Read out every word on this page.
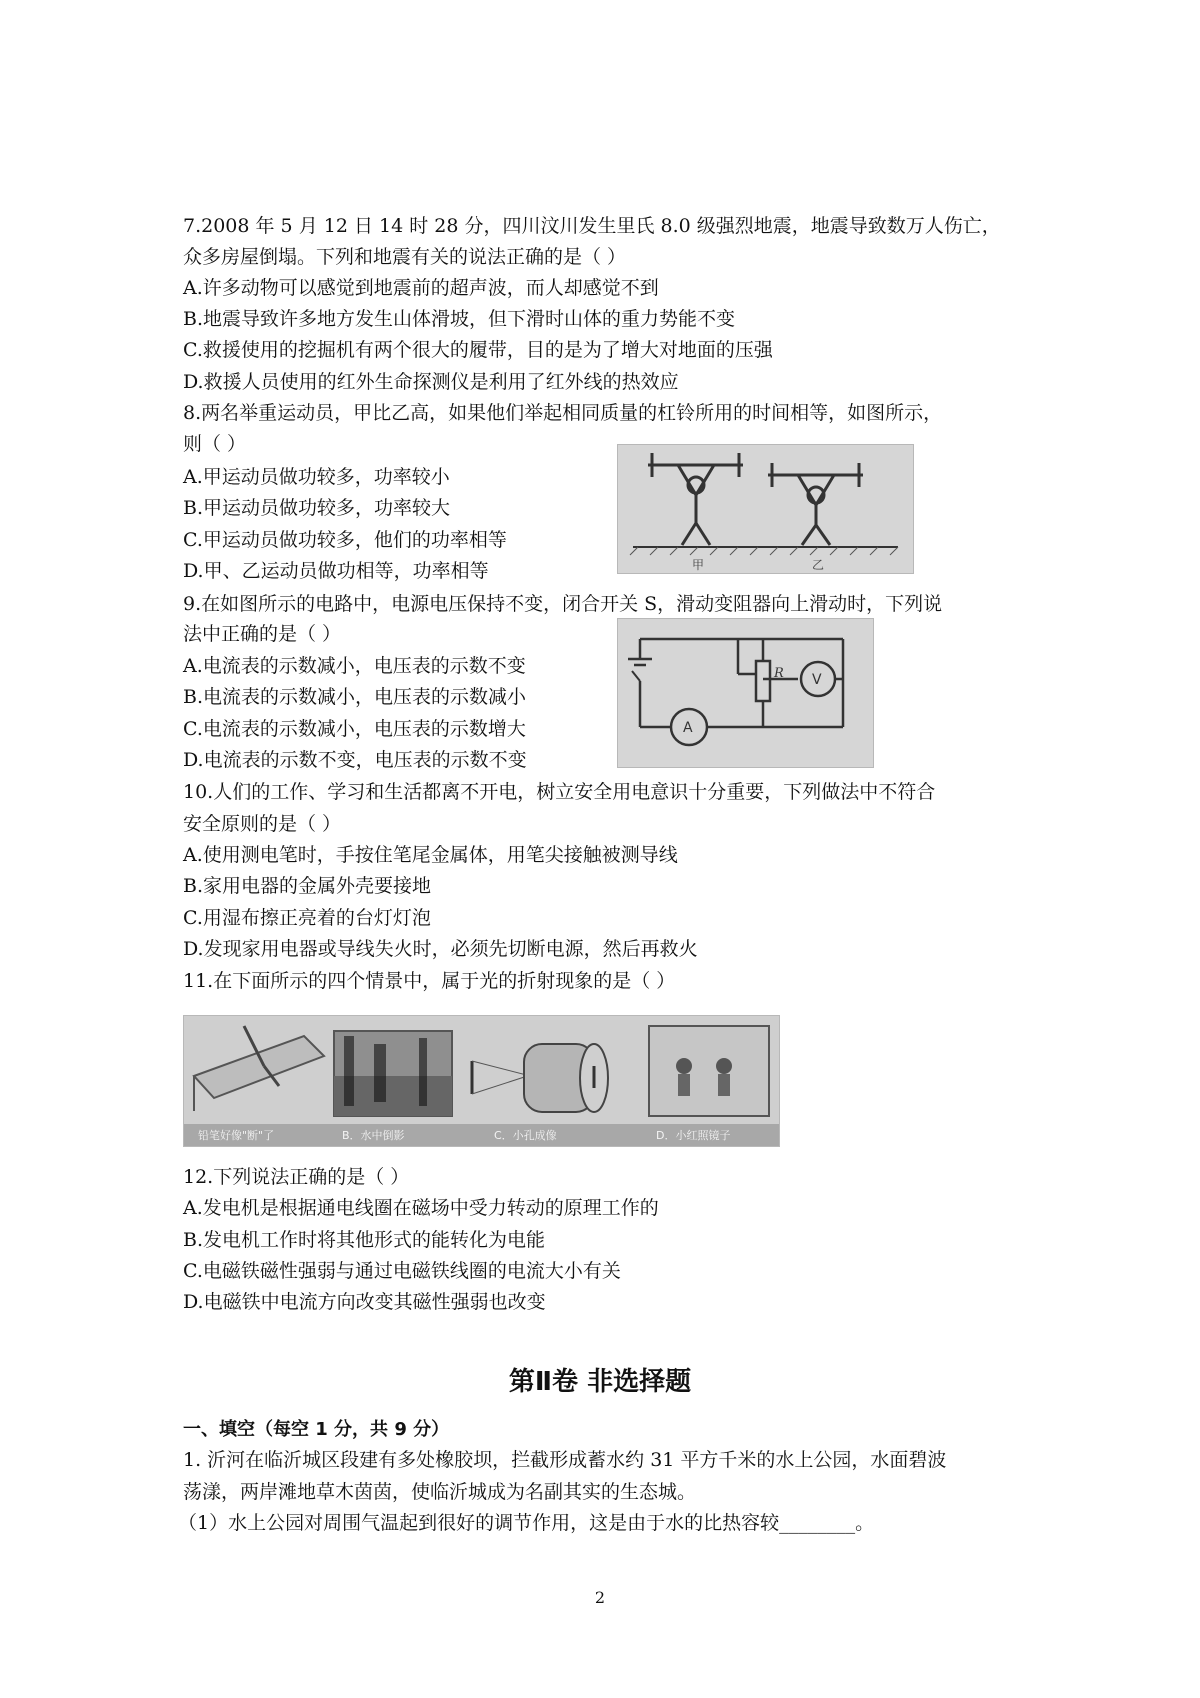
7.2008 年 5 月 12 日 14 时 28 分，四川汶川发生里氏 8.0 级强烈地震，地震导致数万人伤亡，
众多房屋倒塌。下列和地震有关的说法正确的是（ ）
A.许多动物可以感觉到地震前的超声波，而人却感觉不到
B.地震导致许多地方发生山体滑坡，但下滑时山体的重力势能不变
C.救援使用的挖掘机有两个很大的履带，目的是为了增大对地面的压强
D.救援人员使用的红外生命探测仪是利用了红外线的热效应
8.两名举重运动员，甲比乙高，如果他们举起相同质量的杠铃所用的时间相等，如图所示，
则（ ）
A.甲运动员做功较多，功率较小
B.甲运动员做功较多，功率较大
C.甲运动员做功较多，他们的功率相等
D.甲、乙运动员做功相等，功率相等	甲	乙
9.在如图所示的电路中，电源电压保持不变，闭合开关 S，滑动变阻器向上滑动时，下列说
法中正确的是（ ）
A.电流表的示数减小，电压表的示数不变
B.电流表的示数减小，电压表的示数减小
C.电流表的示数减小，电压表的示数增大
D.电流表的示数不变，电压表的示数不变
R V
A
10.人们的工作、学习和生活都离不开电，树立安全用电意识十分重要，下列做法中不符合
安全原则的是（ ）
A.使用测电笔时，手按住笔尾金属体，用笔尖接触被测导线
B.家用电器的金属外壳要接地
C.用湿布擦正亮着的台灯灯泡
D.发现家用电器或导线失火时，必须先切断电源，然后再救火
11.在下面所示的四个情景中，属于光的折射现象的是（ ）
铅笔好像"断"了	B．水中倒影	C．小孔成像	D．小红照镜子
12.下列说法正确的是（ ）
A.发电机是根据通电线圈在磁场中受力转动的原理工作的
B.发电机工作时将其他形式的能转化为电能
C.电磁铁磁性强弱与通过电磁铁线圈的电流大小有关
D.电磁铁中电流方向改变其磁性强弱也改变
第Ⅱ卷 非选择题
一、填空（每空 1 分，共 9 分）
1. 沂河在临沂城区段建有多处橡胶坝，拦截形成蓄水约 31 平方千米的水上公园，水面碧波
荡漾，两岸滩地草木茵茵，使临沂城成为名副其实的生态城。
（1）水上公园对周围气温起到很好的调节作用，这是由于水的比热容较________。
2
